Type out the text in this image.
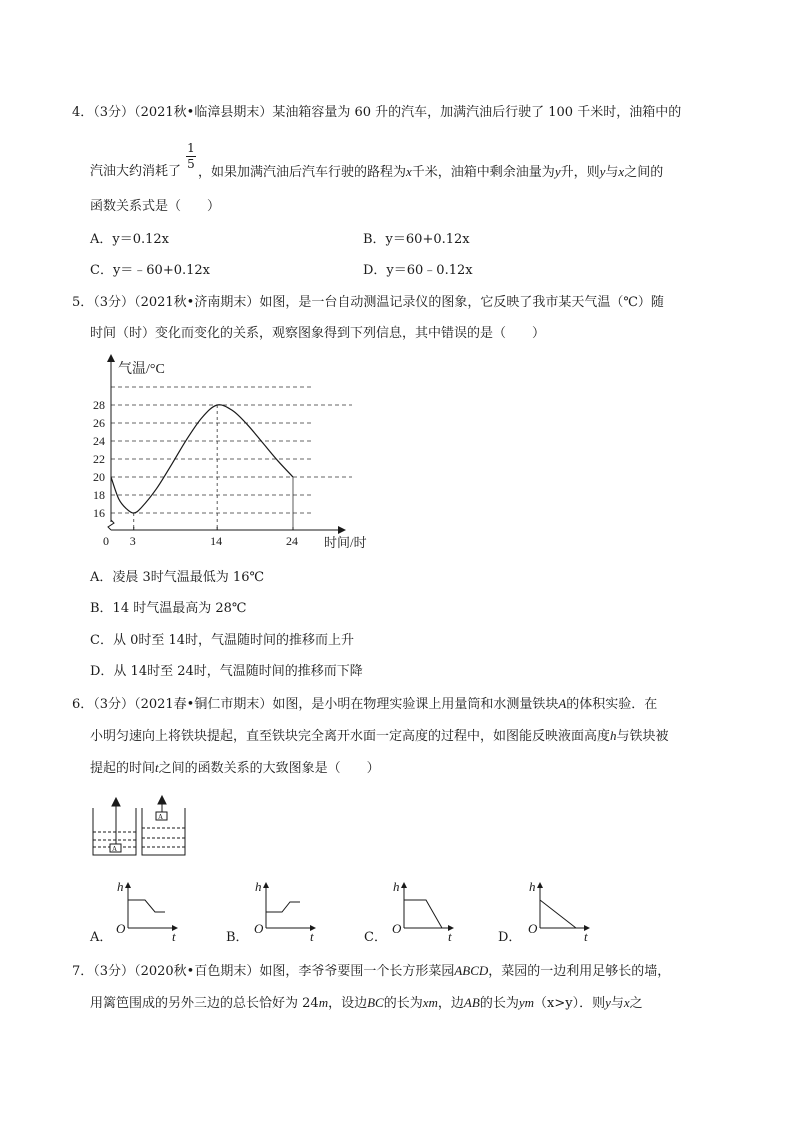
4．（3分）（2021秋•临漳县期末）某油箱容量为 60 升的汽车，加满汽油后行驶了 100 千米时，油箱中的
1
5
汽油大约消耗了 ，如果加满汽油后汽车行驶的路程为x千米，油箱中剩余油量为y升，则y与x之间的
函数关系式是（　　）
A．y＝0.12x	B．y＝60+0.12x
C．y＝﹣60+0.12x	D．y＝60﹣0.12x
5．（3分）（2021秋•济南期末）如图，是一台自动测温记录仪的图象，它反映了我市某天气温（℃）随
时间（时）变化而变化的关系，观察图象得到下列信息，其中错误的是（　　）
16
18
20
22
24
26
28
0 3	14	24
气温/°C
时间/时
A．凌晨 3时气温最低为 16℃
B．14 时气温最高为 28℃
C．从 0时至 14时，气温随时间的推移而上升
D．从 14时至 24时，气温随时间的推移而下降
6．（3分）（2021春•铜仁市期末）如图，是小明在物理实验课上用量筒和水测量铁块A的体积实验．在
小明匀速向上将铁块提起，直至铁块完全离开水面一定高度的过程中，如图能反映液面高度h与铁块被
提起的时间t之间的函数关系的大致图象是（　　）
A
A
h
t
O
h
t
O
h
t
O
h
t
O
A．	B．	C．	D．
7．（3分）（2020秋•百色期末）如图，李爷爷要围一个长方形菜园ABCD，菜园的一边利用足够长的墙，
用篱笆围成的另外三边的总长恰好为 24m，设边BC的长为xm，边AB的长为ym（x>y）．则y与x之
